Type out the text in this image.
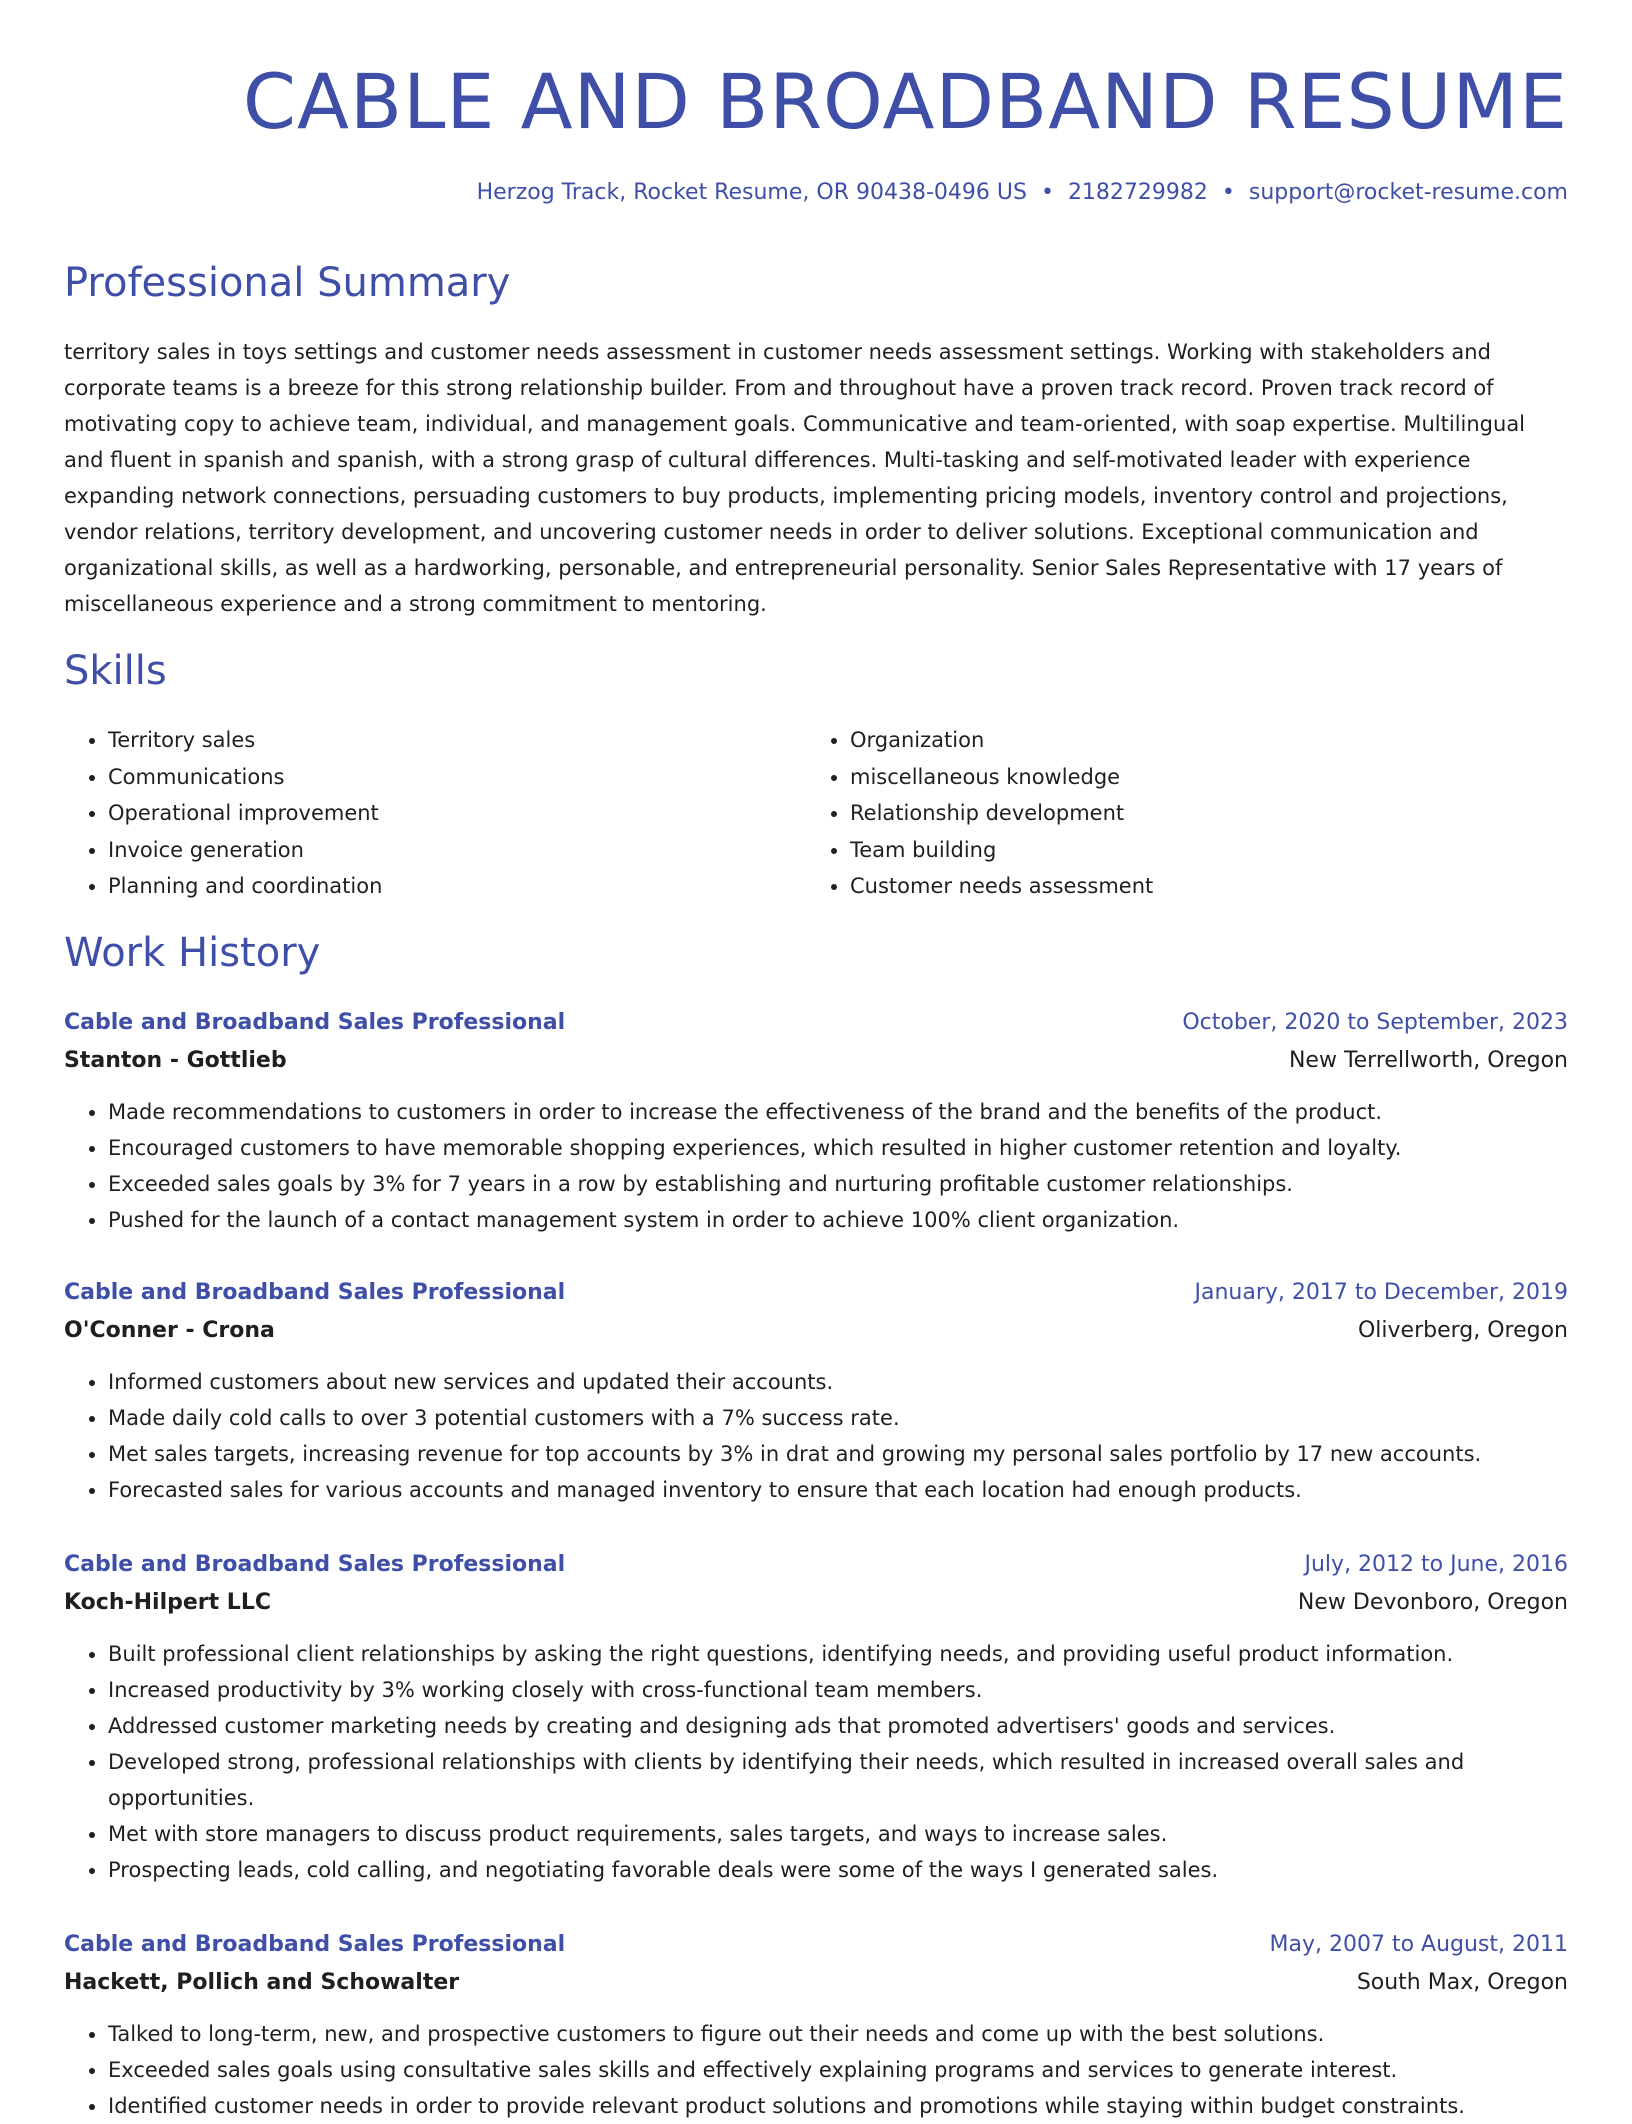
CABLE AND BROADBAND RESUME
Herzog Track, Rocket Resume, OR 90438-0496 US • 2182729982 • support@rocket-resume.com
Professional Summary

territory sales in toys settings and customer needs assessment in customer needs assessment settings. Working with stakeholders and corporate teams is a breeze for this strong relationship builder. From and throughout have a proven track record. Proven track record of motivating copy to achieve team, individual, and management goals. Communicative and team-oriented, with soap expertise. Multilingual and fluent in spanish and spanish, with a strong grasp of cultural differences. Multi-tasking and self-motivated leader with experience expanding network connections, persuading customers to buy products, implementing pricing models, inventory control and projections, vendor relations, territory development, and uncovering customer needs in order to deliver solutions. Exceptional communication and organizational skills, as well as a hardworking, personable, and entrepreneurial personality. Senior Sales Representative with 17 years of miscellaneous experience and a strong commitment to mentoring.

Skills
• Territory sales
• Communications
• Operational improvement
• Invoice generation
• Planning and coordination
• Organization
• miscellaneous knowledge
• Relationship development
• Team building
• Customer needs assessment
Work History
Cable and Broadband Sales Professional	October, 2020 to September, 2023
Stanton - Gottlieb	New Terrellworth, Oregon
• Made recommendations to customers in order to increase the effectiveness of the brand and the benefits of the product.
• Encouraged customers to have memorable shopping experiences, which resulted in higher customer retention and loyalty.
• Exceeded sales goals by 3% for 7 years in a row by establishing and nurturing profitable customer relationships.
• Pushed for the launch of a contact management system in order to achieve 100% client organization.
Cable and Broadband Sales Professional	January, 2017 to December, 2019
O'Conner - Crona	Oliverberg, Oregon
• Informed customers about new services and updated their accounts.
• Made daily cold calls to over 3 potential customers with a 7% success rate.
• Met sales targets, increasing revenue for top accounts by 3% in drat and growing my personal sales portfolio by 17 new accounts.
• Forecasted sales for various accounts and managed inventory to ensure that each location had enough products.
Cable and Broadband Sales Professional	July, 2012 to June, 2016
Koch-Hilpert LLC	New Devonboro, Oregon
• Built professional client relationships by asking the right questions, identifying needs, and providing useful product information.
• Increased productivity by 3% working closely with cross-functional team members.
• Addressed customer marketing needs by creating and designing ads that promoted advertisers' goods and services.
• Developed strong, professional relationships with clients by identifying their needs, which resulted in increased overall sales and opportunities.
• Met with store managers to discuss product requirements, sales targets, and ways to increase sales.
• Prospecting leads, cold calling, and negotiating favorable deals were some of the ways I generated sales.
Cable and Broadband Sales Professional	May, 2007 to August, 2011
Hackett, Pollich and Schowalter	South Max, Oregon
• Talked to long-term, new, and prospective customers to figure out their needs and come up with the best solutions.
• Exceeded sales goals using consultative sales skills and effectively explaining programs and services to generate interest.
• Identified customer needs in order to provide relevant product solutions and promotions while staying within budget constraints.
